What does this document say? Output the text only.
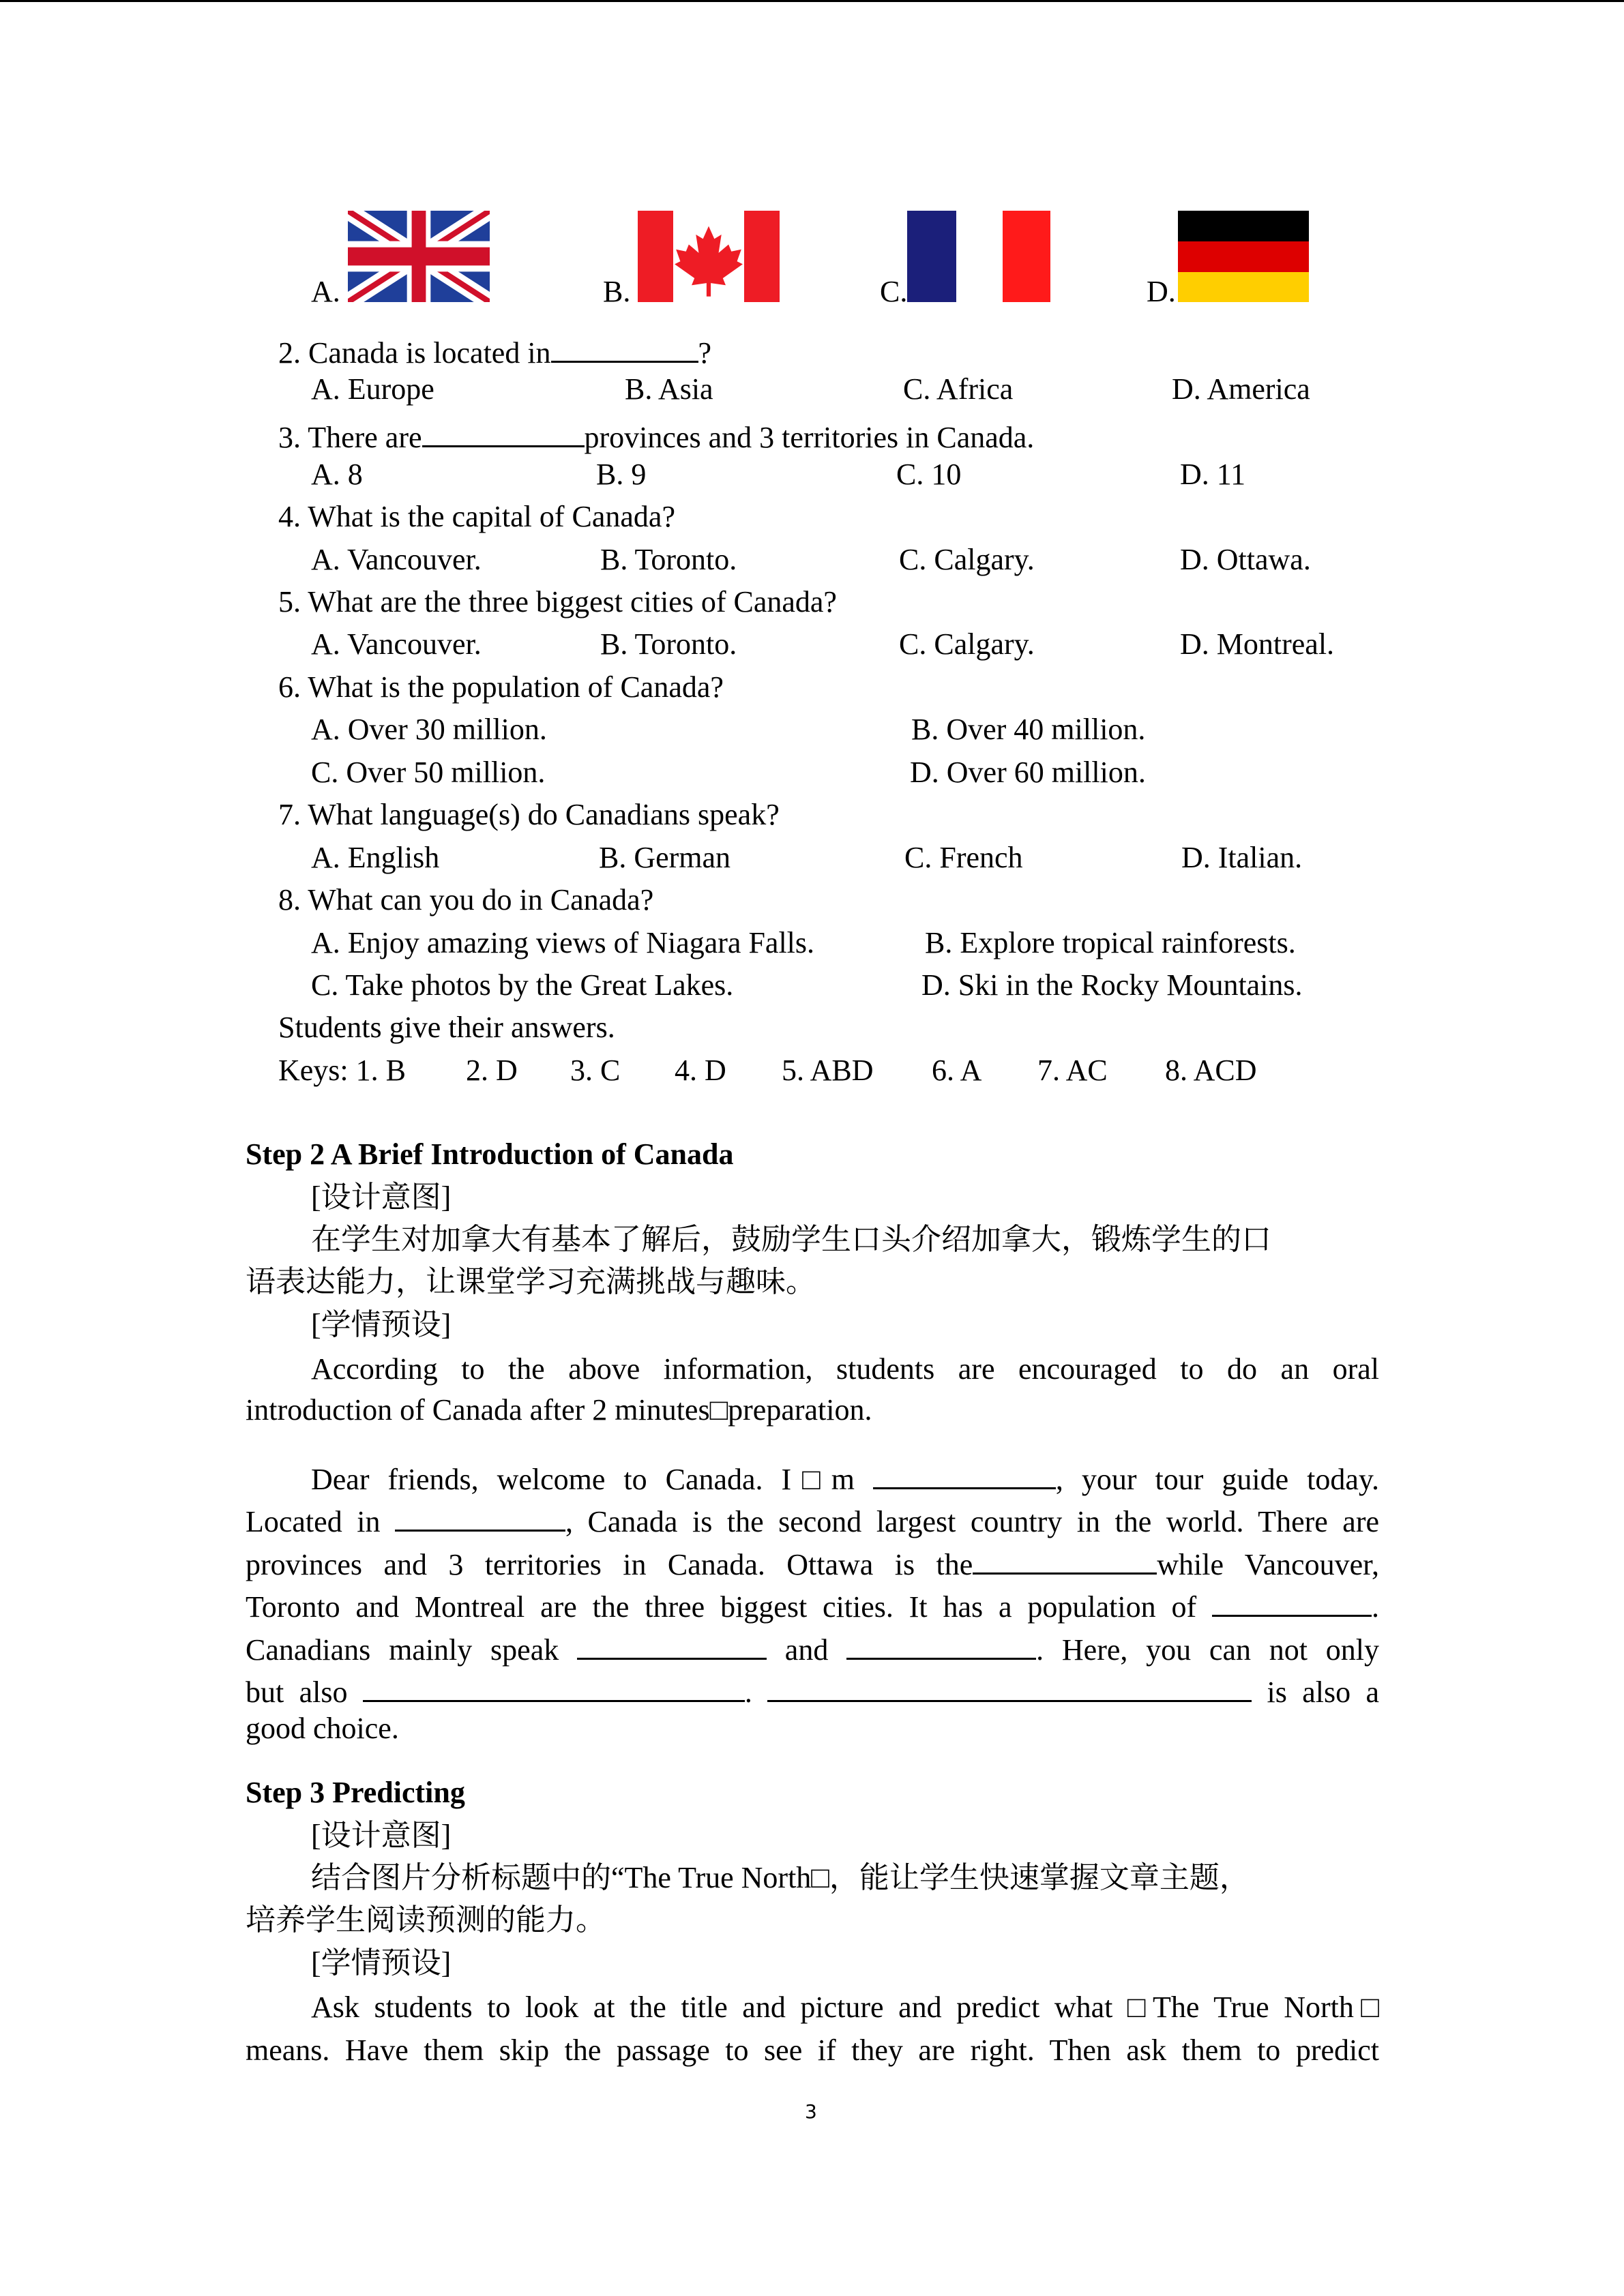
A.	B.	C.	D.
2. Canada is located in	?
A. Europe	B. Asia	C. Africa	D. America
3. There are	provinces and 3 territories in Canada.
A. 8	B. 9	C. 10	D. 11
4. What is the capital of Canada?
A. Vancouver.	B. Toronto.	C. Calgary.	D. Ottawa.
5. What are the three biggest cities of Canada?
A. Vancouver.	B. Toronto.	C. Calgary.	D. Montreal.
6. What is the population of Canada?
A. Over 30 million.	B. Over 40 million.
C. Over 50 million.	D. Over 60 million.
7. What language(s) do Canadians speak?
A. English	B. German	C. French	D. Italian.
8. What can you do in Canada?
A. Enjoy amazing views of Niagara Falls.	B. Explore tropical rainforests.
C. Take photos by the Great Lakes.	D. Ski in the Rocky Mountains.
Students give their answers.
Keys: 1. B 2. D 3. C 4. D 5. ABD 6. A 7. AC 8. ACD
Step 2 A Brief Introduction of Canada
[设计意图]
在学生对加拿大有基本了解后，鼓励学生口头介绍加拿大，锻炼学生的口
语表达能力，让课堂学习充满挑战与趣味。
[学情预设]
According to the above information, students are encouraged to do an oral
introduction of Canada after 2 minutes□preparation.
Dear friends, welcome to Canada. I□m	, your tour guide today.
Located in	, Canada is the second largest country in the world. There are
provinces and 3 territories in Canada. Ottawa is the	while Vancouver,
Toronto and Montreal are the three biggest cities. It has a population of	.
Canadians mainly speak	and	. Here, you can not only
but also	.	is also a
good choice.
Step 3 Predicting
[设计意图]
结合图片分析标题中的“The True North□，能让学生快速掌握文章主题，
培养学生阅读预测的能力。
[学情预设]
Ask students to look at the title and picture and predict what □The True North□
means. Have them skip the passage to see if they are right. Then ask them to predict
3
